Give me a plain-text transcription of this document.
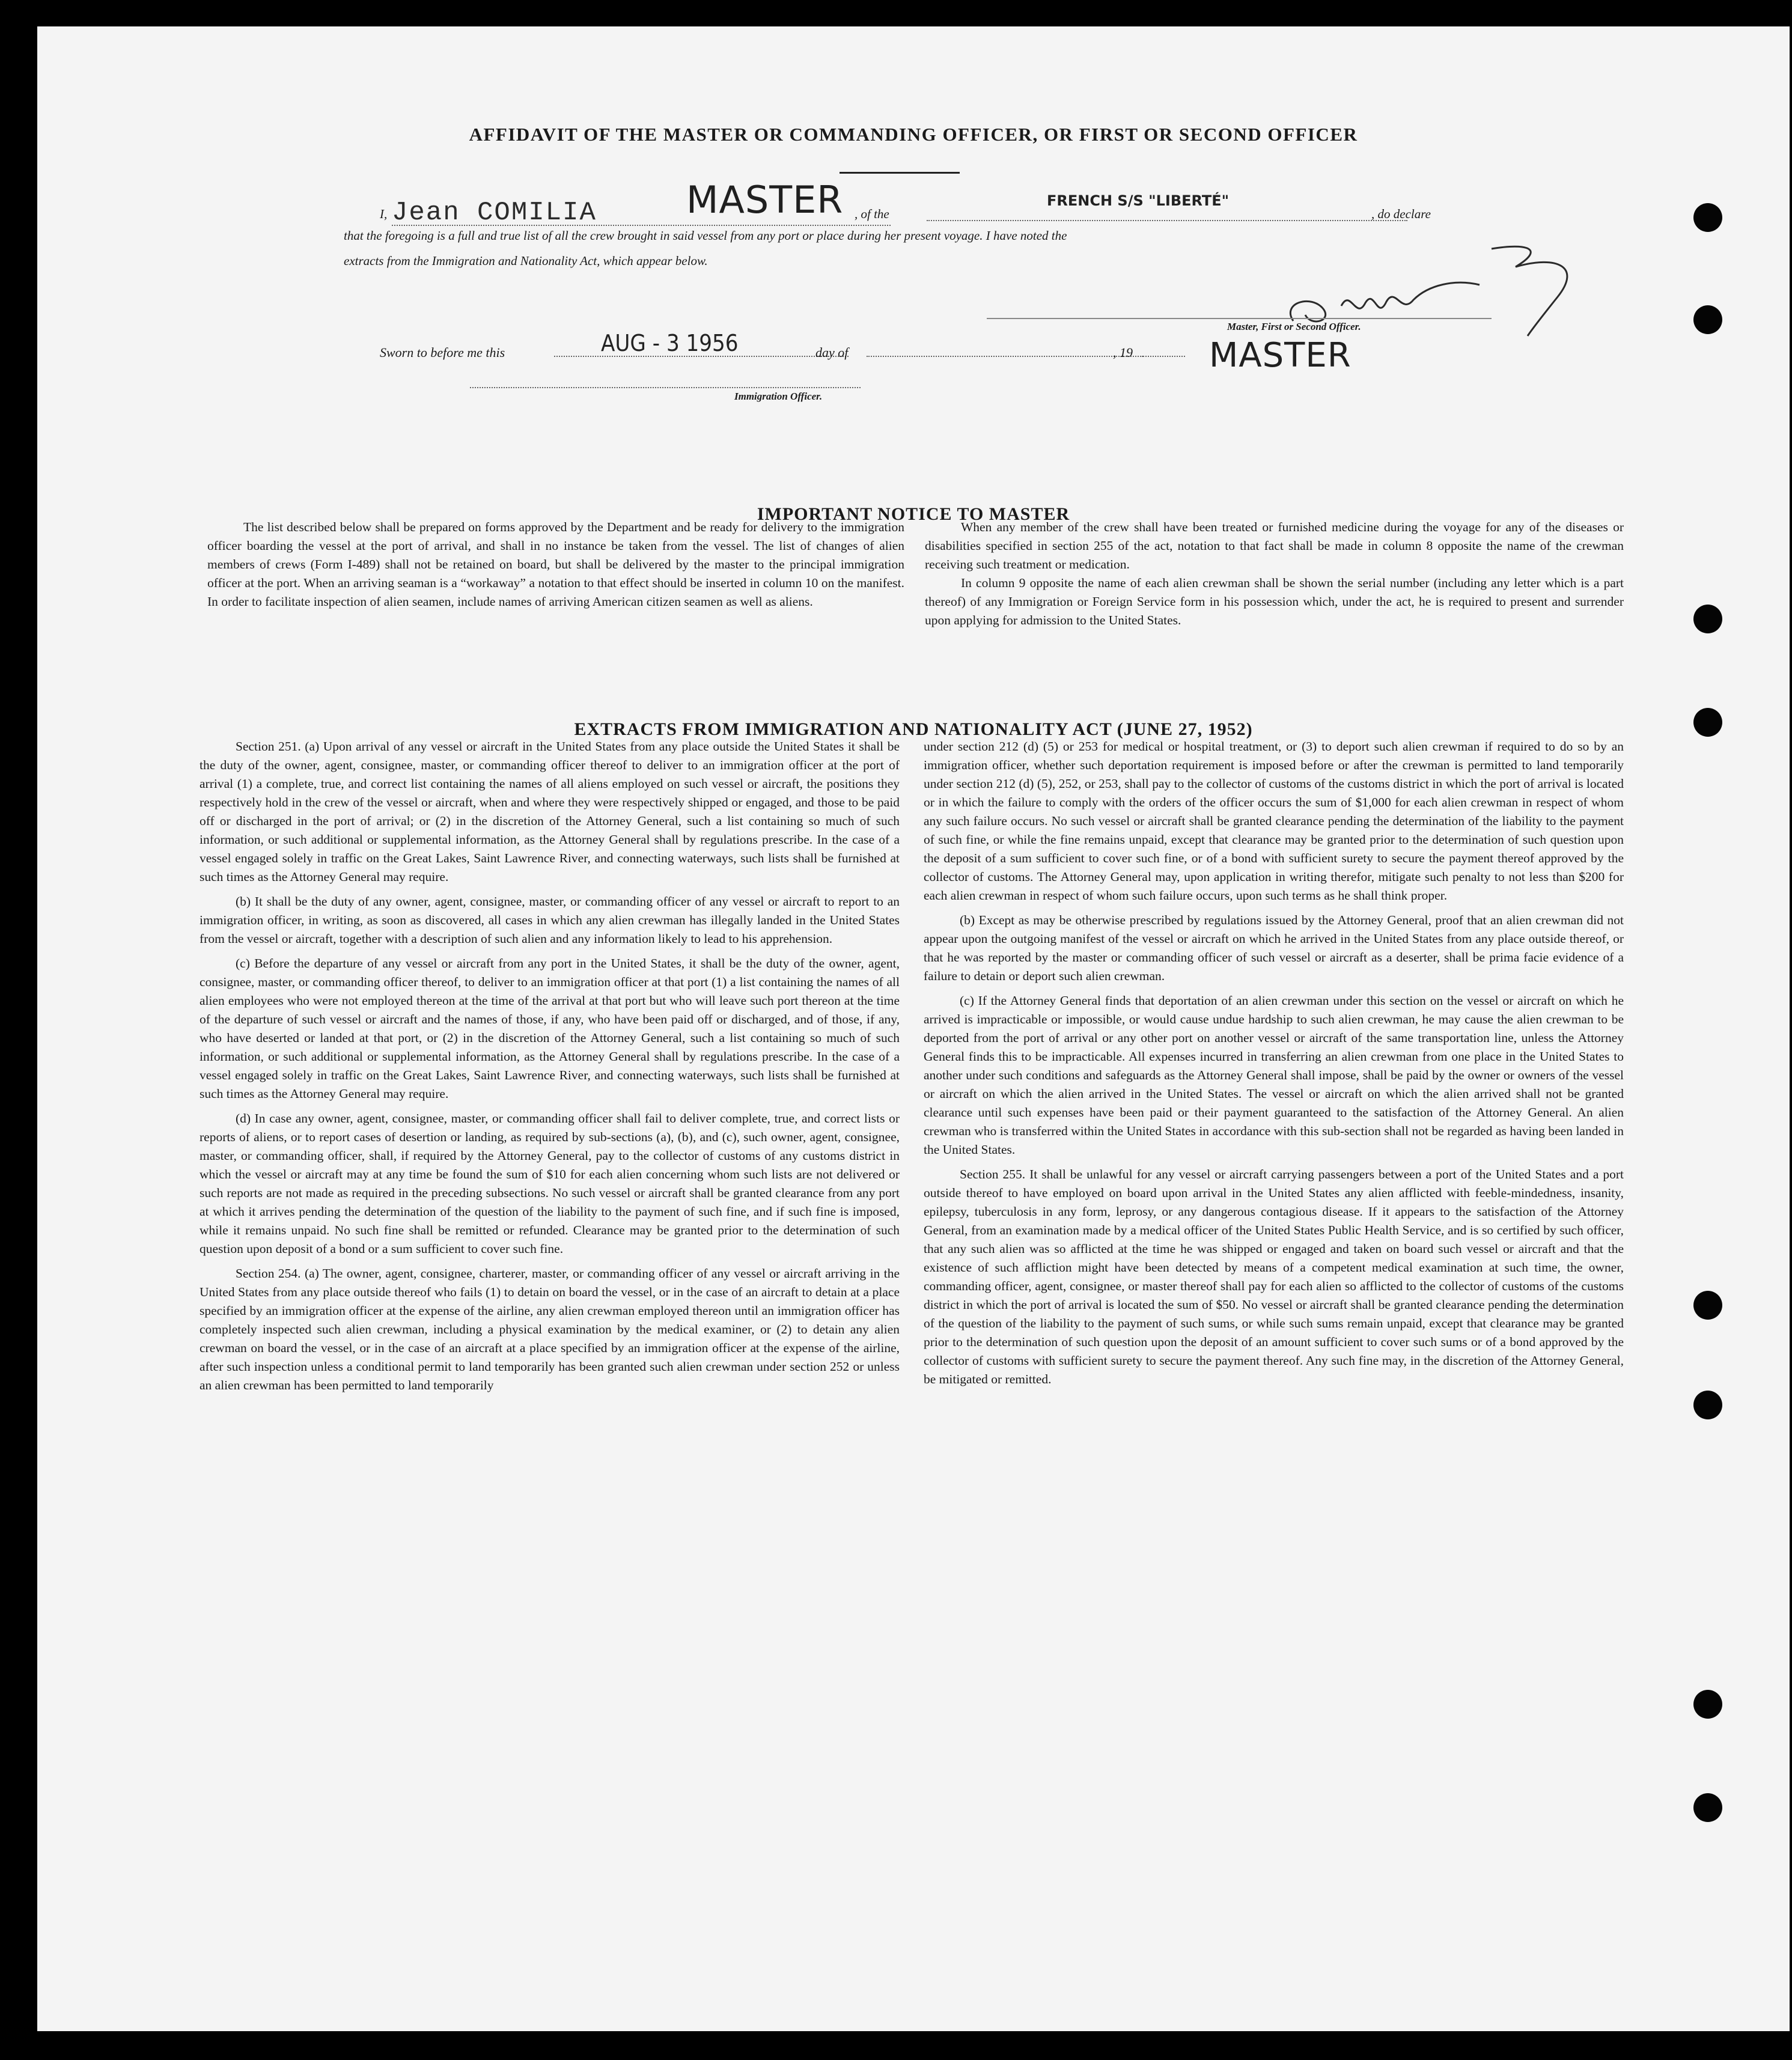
AFFIDAVIT OF THE MASTER OR COMMANDING OFFICER, OR FIRST OR SECOND OFFICER
I, Jean COMILIA MASTER , of the
FRENCH S/S "LIBERTÉ"
, do declare
that the foregoing is a full and true list of all the crew brought in said vessel from any port or place during her present voyage. I have noted the
extracts from the Immigration and Nationality Act, which appear below.
Master, First or Second Officer.
MASTER
Sworn to before me this	AUG - 3 1956	day of	, 19
Immigration Officer.
IMPORTANT NOTICE TO MASTER

The list described below shall be prepared on forms approved by the Department and be ready for delivery to the immigration officer boarding the vessel at the port of arrival, and shall in no instance be taken from the vessel. The list of changes of alien members of crews (Form I-489) shall not be retained on board, but shall be delivered by the master to the principal immigration officer at the port. When an arriving seaman is a “workaway” a notation to that effect should be inserted in column 10 on the manifest. In order to facilitate inspection of alien seamen, include names of arriving American citizen seamen as well as aliens.

When any member of the crew shall have been treated or furnished medicine during the voyage for any of the diseases or disabilities specified in section 255 of the act, notation to that fact shall be made in column 8 opposite the name of the crewman receiving such treatment or medication.

In column 9 opposite the name of each alien crewman shall be shown the serial number (including any letter which is a part thereof) of any Immigration or Foreign Service form in his possession which, under the act, he is required to present and surrender upon applying for admission to the United States.

EXTRACTS FROM IMMIGRATION AND NATIONALITY ACT (JUNE 27, 1952)

Section 251. (a) Upon arrival of any vessel or aircraft in the United States from any place outside the United States it shall be the duty of the owner, agent, consignee, master, or commanding officer thereof to deliver to an immigration officer at the port of arrival (1) a complete, true, and correct list containing the names of all aliens employed on such vessel or aircraft, the positions they respectively hold in the crew of the vessel or aircraft, when and where they were respectively shipped or engaged, and those to be paid off or discharged in the port of arrival; or (2) in the discretion of the Attorney General, such a list containing so much of such information, or such additional or supplemental information, as the Attorney General shall by regulations prescribe. In the case of a vessel engaged solely in traffic on the Great Lakes, Saint Lawrence River, and connecting waterways, such lists shall be furnished at such times as the Attorney General may require.

(b) It shall be the duty of any owner, agent, consignee, master, or commanding officer of any vessel or aircraft to report to an immigration officer, in writing, as soon as discovered, all cases in which any alien crewman has illegally landed in the United States from the vessel or aircraft, together with a description of such alien and any information likely to lead to his apprehension.

(c) Before the departure of any vessel or aircraft from any port in the United States, it shall be the duty of the owner, agent, consignee, master, or commanding officer thereof, to deliver to an immigration officer at that port (1) a list containing the names of all alien employees who were not employed thereon at the time of the arrival at that port but who will leave such port thereon at the time of the departure of such vessel or aircraft and the names of those, if any, who have been paid off or discharged, and of those, if any, who have deserted or landed at that port, or (2) in the discretion of the Attorney General, such a list containing so much of such information, or such additional or supplemental information, as the Attorney General shall by regulations prescribe. In the case of a vessel engaged solely in traffic on the Great Lakes, Saint Lawrence River, and connecting waterways, such lists shall be furnished at such times as the Attorney General may require.

(d) In case any owner, agent, consignee, master, or commanding officer shall fail to deliver complete, true, and correct lists or reports of aliens, or to report cases of desertion or landing, as required by sub-sections (a), (b), and (c), such owner, agent, consignee, master, or commanding officer, shall, if required by the Attorney General, pay to the collector of customs of any customs district in which the vessel or aircraft may at any time be found the sum of $10 for each alien concerning whom such lists are not delivered or such reports are not made as required in the preceding subsections. No such vessel or aircraft shall be granted clearance from any port at which it arrives pending the determination of the question of the liability to the payment of such fine, and if such fine is imposed, while it remains unpaid. No such fine shall be remitted or refunded. Clearance may be granted prior to the determination of such question upon deposit of a bond or a sum sufficient to cover such fine.

Section 254. (a) The owner, agent, consignee, charterer, master, or commanding officer of any vessel or aircraft arriving in the United States from any place outside thereof who fails (1) to detain on board the vessel, or in the case of an aircraft to detain at a place specified by an immigration officer at the expense of the airline, any alien crewman employed thereon until an immigration officer has completely inspected such alien crewman, including a physical examination by the medical examiner, or (2) to detain any alien crewman on board the vessel, or in the case of an aircraft at a place specified by an immigration officer at the expense of the airline, after such inspection unless a conditional permit to land temporarily has been granted such alien crewman under section 252 or unless an alien crewman has been permitted to land temporarily

under section 212 (d) (5) or 253 for medical or hospital treatment, or (3) to deport such alien crewman if required to do so by an immigration officer, whether such deportation requirement is imposed before or after the crewman is permitted to land temporarily under section 212 (d) (5), 252, or 253, shall pay to the collector of customs of the customs district in which the port of arrival is located or in which the failure to comply with the orders of the officer occurs the sum of $1,000 for each alien crewman in respect of whom any such failure occurs. No such vessel or aircraft shall be granted clearance pending the determination of the liability to the payment of such fine, or while the fine remains unpaid, except that clearance may be granted prior to the determination of such question upon the deposit of a sum sufficient to cover such fine, or of a bond with sufficient surety to secure the payment thereof approved by the collector of customs. The Attorney General may, upon application in writing therefor, mitigate such penalty to not less than $200 for each alien crewman in respect of whom such failure occurs, upon such terms as he shall think proper.

(b) Except as may be otherwise prescribed by regulations issued by the Attorney General, proof that an alien crewman did not appear upon the outgoing manifest of the vessel or aircraft on which he arrived in the United States from any place outside thereof, or that he was reported by the master or commanding officer of such vessel or aircraft as a deserter, shall be prima facie evidence of a failure to detain or deport such alien crewman.

(c) If the Attorney General finds that deportation of an alien crewman under this section on the vessel or aircraft on which he arrived is impracticable or impossible, or would cause undue hardship to such alien crewman, he may cause the alien crewman to be deported from the port of arrival or any other port on another vessel or aircraft of the same transportation line, unless the Attorney General finds this to be impracticable. All expenses incurred in transferring an alien crewman from one place in the United States to another under such conditions and safeguards as the Attorney General shall impose, shall be paid by the owner or owners of the vessel or aircraft on which the alien arrived in the United States. The vessel or aircraft on which the alien arrived shall not be granted clearance until such expenses have been paid or their payment guaranteed to the satisfaction of the Attorney General. An alien crewman who is transferred within the United States in accordance with this sub-section shall not be regarded as having been landed in the United States.

Section 255. It shall be unlawful for any vessel or aircraft carrying passengers between a port of the United States and a port outside thereof to have employed on board upon arrival in the United States any alien afflicted with feeble-mindedness, insanity, epilepsy, tuberculosis in any form, leprosy, or any dangerous contagious disease. If it appears to the satisfaction of the Attorney General, from an examination made by a medical officer of the United States Public Health Service, and is so certified by such officer, that any such alien was so afflicted at the time he was shipped or engaged and taken on board such vessel or aircraft and that the existence of such affliction might have been detected by means of a competent medical examination at such time, the owner, commanding officer, agent, consignee, or master thereof shall pay for each alien so afflicted to the collector of customs of the customs district in which the port of arrival is located the sum of $50. No vessel or aircraft shall be granted clearance pending the determination of the question of the liability to the payment of such sums, or while such sums remain unpaid, except that clearance may be granted prior to the determination of such question upon the deposit of an amount sufficient to cover such sums or of a bond approved by the collector of customs with sufficient surety to secure the payment thereof. Any such fine may, in the discretion of the Attorney General, be mitigated or remitted.
